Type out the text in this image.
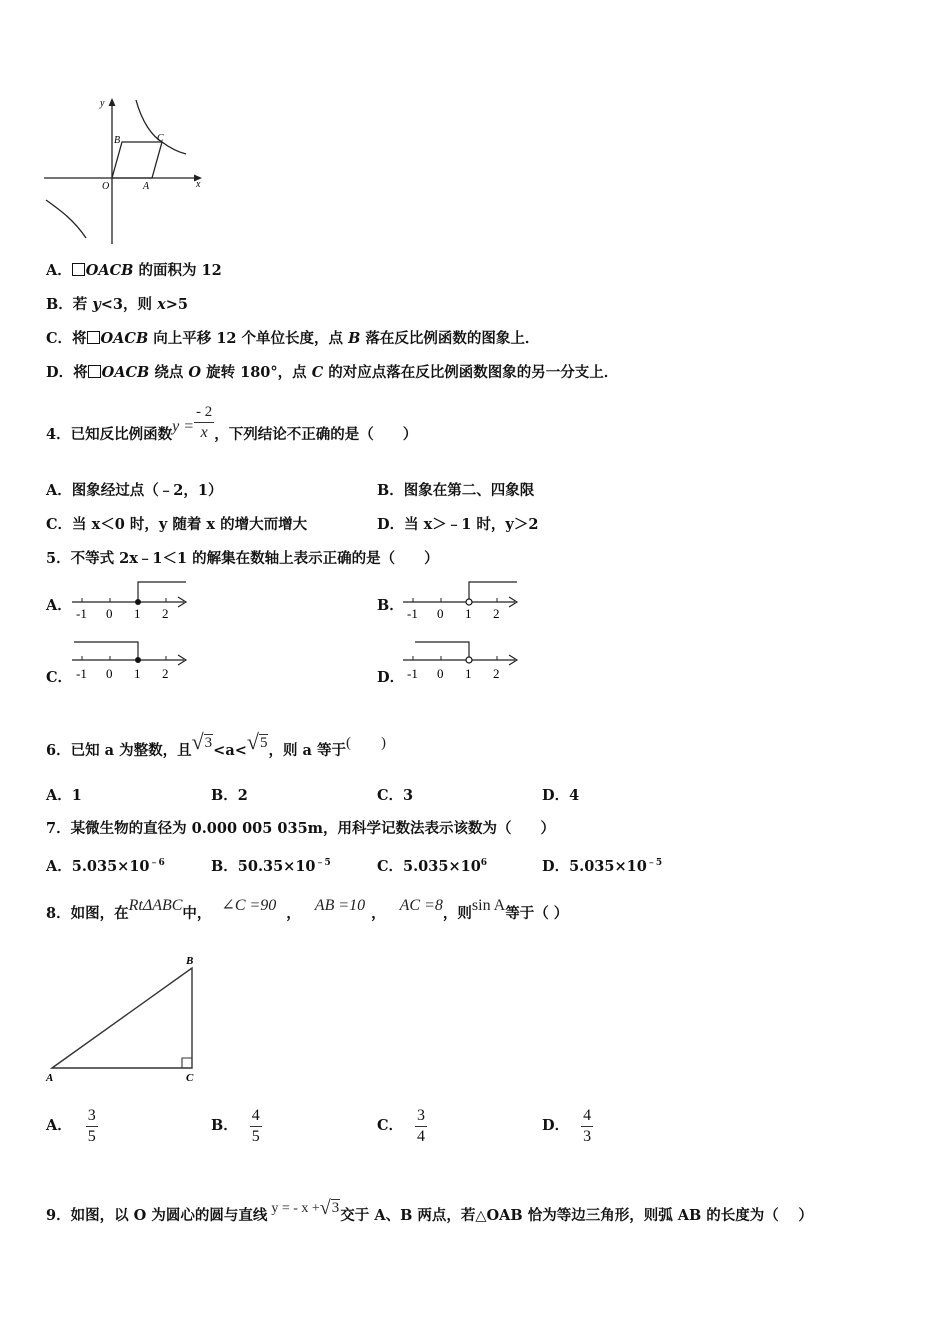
y
x
O	A
B	C
A． OACB 的面积为 12
B．若 y<3，则 x>5
C．将 OACB 向上平移 12 个单位长度，点 B 落在反比例函数的图象上．
D．将 OACB 绕点 O 旋转 180°，点 C 的对应点落在反比例函数图象的另一分支上．
4．已知反比例函数$y = \frac{- 2}{x}$ ，下列结论不正确的是（　　）
A．图象经过点（﹣2，1）	B．图象在第二、四象限
C．当 x＜0 时，y 随着 x 的增大而增大	D．当 x＞﹣1 时，y＞2
5．不等式 2x﹣1＜1 的解集在数轴上表示正确的是（　　）
A． -1 0 1 2	B． -1 0 1 2
C． -1 0 1 2	D． -1 0 1 2
6．已知 a 为整数，且√3<a<√5，则 a 等于(　　)
A．1	B．2	C．3	D．4
7．某微生物的直径为 0.000 005 035m，用科学记数法表示该数为（　　）
A．$5.035\times 10^{﹣6}$	B．$50.35\times 10^{﹣5}$	C．$5.035\times 10^6$	D．$5.035\times 10^{﹣5}$
8．如图，在RtΔABC中， ∠C =90 ， AB =10 ， AC =8，则sin A等于（ ）
B
A	C
A． $\frac{3}{5}$	B． $\frac{4}{5}$	C． $\frac{3}{4}$	D． $\frac{4}{3}$
9．如图，以 O 为圆心的圆与直线 y = - x +√3交于 A、B 两点，若△OAB 恰为等边三角形，则弧 AB 的长度为（　 ）
